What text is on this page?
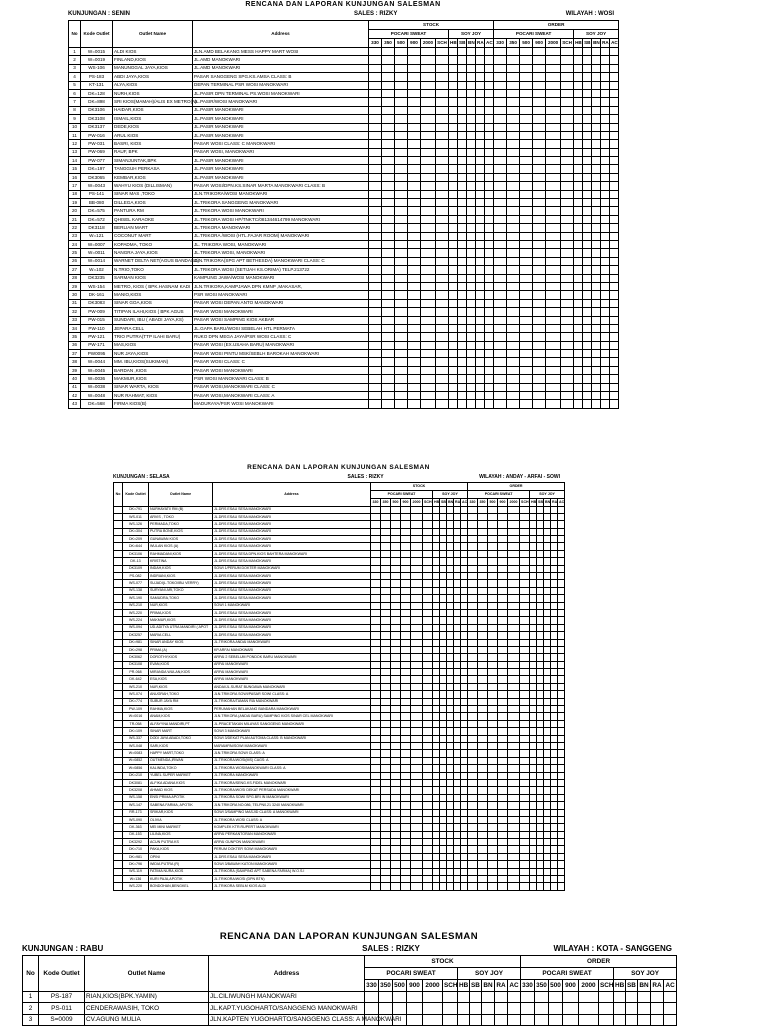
RENCANA DAN LAPORAN KUNJUNGAN SALESMAN
KUNJUNGAN : SENIN	SALES : RIZKY	WILAYAH : WOSI
No	Kode Outlet	Outlet Name	Address	STOCK											ORDER										
				POCARI SWEAT						SOY JOY					POCARI SWEAT						SOY JOY				
				330	350	500	900	2000	SCH	HB	SB	BN	RA	AC	330	350	500	900	2000	SCH	HB	SB	BN	RA	AC
1	W=0015	ALDI KIOS	JLN.AMD BELAKANG MESS HAPPY MART WOSI																						
2	W=0019	FINLAND,KIOS	JL.AMD MANOKWARI																						
3	WS-106	MANUNGGAL JAYA,KIOS	JL.AMD MANOKWARI																						
4	PS-183	ABDI JAYA,KIOS	PASAR SANGGENG SPG.KS.AMSA CLASS: B																						
5	KT-131	ALYA,KIOS	DEPAN TERMINAL PSR WOSI MANOKWARI																						
6	DK=128	NURH,KIOS	JL.PASIR DPN TERMINAL PS.WOSI MANOKWARI																						
7	DK=898	SRI KIOS(MAMAH)/ALIS EX METRO(A)	JL.PASIR/WOSI MANOKWARI																						
8	DK3106	HAIDAR,KIOS	JL.PASIR MANOKWARI																						
9	DK3108	ISMAIL,KIOS	JL.PASIR MANOKWARI																						
10	DK3137	DEDE,KIOS	JL.PASIR MANOKWARI																						
11	PW-016	ARUL KIOS	JL.PASIR MANOKWARI																						
12	PW-031	BASRI, KIOS	PASAR WOSI CLASS: C MANOKWARI																						
13	PW-069	RAUF, BPK	PASAR WOSI, MANOKWARI																						
14	PW-077	SIMANJUNTAK,BPK	JL.PASIR MANOKWARI																						
15	DK=197	TANGGUH PERKASA	JL.PASIR MANOKWARI																						
16	DK3065	KEMBAR,KIOS	JL.PASIR MANOKWARI																						
17	W=0043	WAHYU KIOS (DILLISMAN)	PASAR WOSI/DPN.KS.SINAR MARTA MANOKWARI CLASS: B																						
18	PS-141	SINAR MAS ,TOKO	JLN.TRIKORA/WOSI MANOKWARI																						
19	BB-080	DILLEGA,KIOS	JL.TRIKORA SANGGENG MANOKWARI																						
20	DK=575	PANTURA RM	JL.TRIKORA WOSI MANOKWARI																						
21	DK=572	QHISEL KARAOKE	JL.TRIKORA WOSI HP/TNKTC/081344614799 MANOKWARI																						
22	DK3118	BERLIAN MART	JL.TRIKORA MANOKWARI																						
23	W=121	COCONUT MART	JL.TRIKORA /WOSI (HTL.FAJAR ROOM) MANOKWARI																						
24	W=0007	KOPADMA, TOKO	JL. TRIKORA WOSI, MANOKWARI																						
25	W=0011	NANGRA JAYA,KIOS	JL.TRIKORA WOSI, MANOKWARI																						
26	W=0014	WARNET DELTA NET(AGUS BANDASO)	JLN.TRIKORA(SPG APT BETHESDA) MANOKWARI CLASS: C																						
27	W=102	N.TRIO,TOKO	JL.TRIKORA WOSI (SETIJAH KS.ORIMA) TELP.213722																						
28	DK3235	SARMAN KIOS	KAMPUNG JAWA/WOSI MANOKWARI																						
29	WS-154	METRO, KIOS ( BPK.HASNAM KADI	JLN.TRIKORA,KAMPJAWA DPN KMNP ,MAKASAR,																						
30	DK-161	MANIO,KIOS	PSR WOSI MANOKWARI																						
31	DK3083	SINAR GOA,KIOS	PASAR WOSI DEPAN ANTO MANOKWARI																						
32	PW-009	TITIPAN ILAHI,KIOS ( BPK AGUS	PASAR WOSI MANOKWARI																						
33	PW-015	SUNDARI, IBU ( ABADI JAYA,KS)	PASAR WOSI SAMPING KIOS AKBAR																						
34	PW-110	JEPARA CELL	JL.GAPA BARU/WOSI SEBELAH HTL PERMATA																						
35	PW-121	TRIO PUTRA(TTP ILAHI BARU)	RUKO DPN MEGA JAYA/PSR WOSI CLASS: C																						
36	PW-171	MAS,KIOS	PASAR WOSI (EX.USAHA BARU) MANOKWARI																						
37	PW0095	NUR JAYA,KIOS	PASAR WOSI PINTU MSK/SEBLH BAROKAH MANOKWARI																						
38	W=0044	MM. IBU,KIOS(SUKIMAN)	PASAR WOSI CLASS: C																						
39	W=0045	BARDAN ,KIOS	PASAR WOSI MANOKWARI																						
40	W=0036	MAKMUR,KIOS	PSR WOSI MANOKWARI CLASS: B																						
41	W=0038	SINAR WARTA, KIOS	PASAR WOSI,MANOKWARI CLASS: C																						
42	W=0048	NUR RAHMAT, KIOS	PASAR WOSI,MANOKWARI CLASS: A																						
43	DK=568	FIRMA KIOS(B)	MADURAYA/PSR WOSI MANOKWARI																						
RENCANA DAN LAPORAN KUNJUNGAN SALESMAN
KUNJUNGAN : SELASA	SALES : RIZKY	WILAYAH : ANDAY - ARFAI - SOWI
No	Kode Outlet	Outlet Name	Address	STOCK											ORDER										
				POCARI SWEAT						SOY JOY					POCARI SWEAT						SOY JOY				
				330	350	500	900	2000	SCH	HB	SB	BN	RA	AC	330	350	500	900	2000	SCH	HB	SB	BN	RA	AC
	DK=791	NURHAYATI/ RM (B)	JL.DRS ESAU SESA MANOKWARI																						
	WS-011	ARVIS , TOKO	JL.DRS ESAU SESA MANOKWARI																						
	WS-126	PERMADA,TOKO	JL.DRS ESAU SESA MANOKWARI																						
	DK=304	PUTRA BONE,KIOS	JL.DRS ESAU SESA MANOKWARI																						
	DK=209	GUNAWAN KIOS	JL.DRS ESAU SESA MANOKWARI																						
	DK=644	WULAN KIOS (A)	JL.DRS ESAU SESA MANOKWARI																						
	DK3106	RAHMADANI,KIOS	JL.DRS ESAU SESA DPN.KIOS BAHTERA MANOKWARI																						
	DK-13	KRISTINA	JL.DRS ESAU SESA MANOKWARI																						
	DK3109	INDAH,KIOS	SOWI 1/PERUM DOKTER MANOKWARI																						
	PS-082	INDRIANI,KIOS	JL.DRS ESAU SESA MANOKWARI																						
	WS-077	SUJADI(L.TOKO/IBU VERRY)	JL.DRS ESAU SESA MANOKWARI																						
	WS-138	SURYANI ARI,TOKO	JL.DRS ESAU SESA MANOKWARI																						
	WS-190	SAMUDRA,TOKO	JL.DRS ESAU SESA MANOKWARI																						
	WS-210	NUR,KIOS	SOWI 1 MANOKWARI																						
	WS-220	PRIMA,KIOS	JL.DRS ESAU SESA MANOKWARI																						
	WS-224	MAKMUR,KIOS	JL.DRS ESAU SESA MANOKWARI																						
	WS-094	UD.ADITYA UTRA MANDIRI ( APOT	JL.DRS ESAU SESA MANOKWARI																						
	DK3257	MARIA CELL	JL.DRS ESAU SESA MANOKWARI																						
	DK=981	SINAR ANDAY KIOS	JL.TRIKORA ANDAI MANOKWARI																						
	DK=298	PRIMA (A)	KP.ARFAI MANOKWARI																						
	DK3062	DOROTHY,KIOS	ARFAI 2 SEBELUM PONDOK BARU MANOKWARI																						
	DK3108	EVAN,KIOS	ARFAI MANOKWARI																						
	PR-068	MIRANDA WULAN,KIOS	ARFAI MANOKWARI																						
	DK-642	ESA,KIOS	ARFAI MANOKWARI																						
	WS-210	NUR,KIOS	ANDAI/JL.SURAT BUNGAWA MANOKWARI																						
	WS-074	ANUGRAH,TOKO	JLN.TRIKORA SOWI/PASAR SOWI CLASS: A																						
	DK=774	SUBUR JAYA RM	JL.TRIKORA/TAMAN RIA MANOKWARI																						
	PW-109	RAHMA,KIOS	PERUMAHAN BELAKANG BANDARA MANOKWARI																						
	W=0016	ANAM,KIOS	JLN.TRIKORA (ANDAI BARU) SAMPING KIOS SINAR CEL MANOKWARI																						
	TR-058	ALFAYYNA MANDIRI,PT	JL.PRACETAKAN MILAYAS SANGGENG MANOKWARI																						
	DK=109	SINAR MART	SOWI 3 MANOKWARI																						
	WS-337	DODI JAYA ABADI,TOKO	SOWI 3/DEKAT PLAN AUTOMA CLASS: B MANOKWARI																						
	WS-048	SARI,KIOS	MARAMPAI/SOWI MANOKWARI																						
	W=0083	HAPPY MART,TOKO	JLN.TRIKORA SOWI CLASS: A																						
	W=0852	OUTMENDA,IRWAN	JL.TRIKORA/WOSI(MS) CAGS: A																						
	W=0856	KALINDA,TOKO	JL.TRIKORA WOSI/MANOKWARI CLASS: A																						
	DK=210	YUBEL SUPER MARKET	JL.TRIKORA MANOKWARI																						
	DK3081	ALFIKA ADANA KIOS	JL.TRIKORA/SENG.KS.FIDEL MANOKWARI																						
	DK3208	AHMAD KIOS	JL.TRIKORA/WOSI DEKAT PERSADA MANOKWARI																						
	WS-158	ENSI PRIMA APOTIK	JL.TRIKORA SOWI SPG.BRI IN MANOKWARI																						
	WS-147	SABENA FARMA, APOTIK	JLN.TRIKORA NO.086, TELPN0.21 3240 MANOKWARI																						
	RR-173	SRIKAR,KIOS	SOWI 3/SAMPING MASJID CLASS: A MANOKWARI																						
	WS-090	OLIVIA	JL.TRIKORA WOSI CLASS: A																						
	DK-363	MEI MINI MARKET	KOMPLEK KTR.RUPERT MANOKWARI																						
	DK-153	LILINA,KIOS	ARFAI PERKANTORAN MANOKWARI																						
	DK3292	ACUN PUTRA KS	ARFAI GUNPON MANOKWARI																						
	DK=710	PAKA,KIOS	PERUM DOKTER SOWI MANOKWARI																						
	DK=981	OPINI	JL.DRS ESAU SESA MANOKWARI																						
	DK=796	WIDIA PUTRA (R)	SOWI 3/BAWAH KATON MANOKWARI																						
	WS-119	FATIMA NURA,KIOS	JL.TRIKORA (SAMPING APT SABENA FARMA) W.O.S.I																						
	W=136	KURI PAJA,APOTIK	JL.TRIKORA/WOSI (DPN BTN)																						
	WS-220	BONDOHAN,BENGKEL	JL.TRIKORA SEBLM KIOS ALDI																						
RENCANA DAN LAPORAN KUNJUNGAN SALESMAN
KUNJUNGAN : RABU	SALES : RIZKY	WILAYAH : KOTA - SANGGENG
No	Kode Outlet	Outlet Name	Address	STOCK											ORDER										
				POCARI SWEAT						SOY JOY					POCARI SWEAT						SOY JOY				
				330	350	500	900	2000	SCH	HB	SB	BN	RA	AC	330	350	500	900	2000	SCH	HB	SB	BN	RA	AC
1	PS-187	RIAN,KIOS(BPK.YAMIN)	JL.CILIWUNGH MANOKWARI																						
2	PS-011	CENDERAWASIH, TOKO	JL.KAPT.YUGOHARTO/SANGGENG MANOKWARI																						
3	S=0009	CV.AGUNG MULIA	JLN.KAPTEN YUGOHARTO/SANGGENG CLASS: A MANOKWARI																						
